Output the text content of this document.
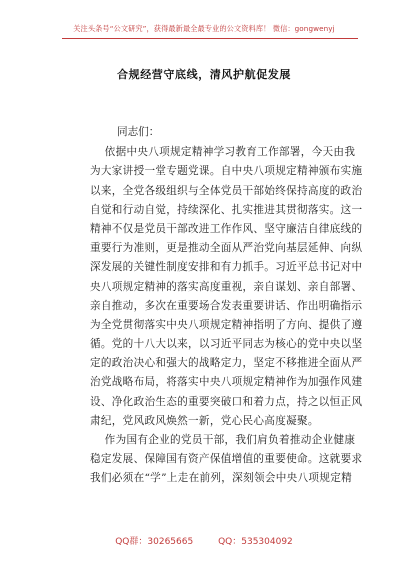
关注头条号“公文研究”，获得最新最全最专业的公文资料库！ 微信：gongwenyj
合规经营守底线，清风护航促发展
同志们：
依据中央八项规定精神学习教育工作部署，今天由我
为大家讲授一堂专题党课。自中央八项规定精神颁布实施
以来，全党各级组织与全体党员干部始终保持高度的政治
自觉和行动自觉，持续深化、扎实推进其贯彻落实。这一
精神不仅是党员干部改进工作作风、坚守廉洁自律底线的
重要行为准则，更是推动全面从严治党向基层延伸、向纵
深发展的关键性制度安排和有力抓手。习近平总书记对中
央八项规定精神的落实高度重视，亲自谋划、亲自部署、
亲自推动，多次在重要场合发表重要讲话、作出明确指示
为全党贯彻落实中央八项规定精神指明了方向、提供了遵
循。党的十八大以来，以习近平同志为核心的党中央以坚
定的政治决心和强大的战略定力，坚定不移推进全面从严
治党战略布局，将落实中央八项规定精神作为加强作风建
设、净化政治生态的重要突破口和着力点，持之以恒正风
肃纪，党风政风焕然一新，党心民心高度凝聚。
作为国有企业的党员干部，我们肩负着推动企业健康
稳定发展、保障国有资产保值增值的重要使命。这就要求
我们必须在“学”上走在前列，深刻领会中央八项规定精
QQ群：30265665	QQ：535304092
